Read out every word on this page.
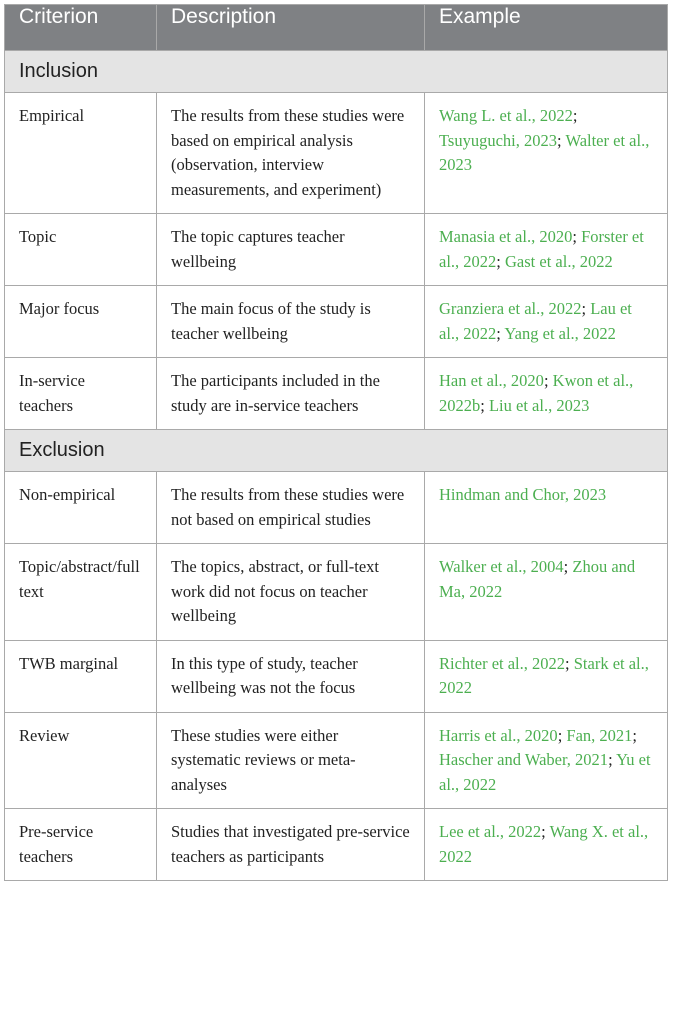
Criterion	Description	Example
Inclusion		
Empirical	The results from these studies were based on empirical analysis (observation, interview measurements, and experiment)	Wang L. et al., 2022; Tsuyuguchi, 2023; Walter et al., 2023
Topic	The topic captures teacher wellbeing	Manasia et al., 2020; Forster et al., 2022; Gast et al., 2022
Major focus	The main focus of the study is teacher wellbeing	Granziera et al., 2022; Lau et al., 2022; Yang et al., 2022
In-service teachers	The participants included in the study are in-service teachers	Han et al., 2020; Kwon et al., 2022b; Liu et al., 2023
Exclusion		
Non-empirical	The results from these studies were not based on empirical studies	Hindman and Chor, 2023
Topic/abstract/full text	The topics, abstract, or full-text work did not focus on teacher wellbeing	Walker et al., 2004; Zhou and Ma, 2022
TWB marginal	In this type of study, teacher wellbeing was not the focus	Richter et al., 2022; Stark et al., 2022
Review	These studies were either systematic reviews or meta-analyses	Harris et al., 2020; Fan, 2021; Hascher and Waber, 2021; Yu et al., 2022
Pre-service teachers	Studies that investigated pre-service teachers as participants	Lee et al., 2022; Wang X. et al., 2022
